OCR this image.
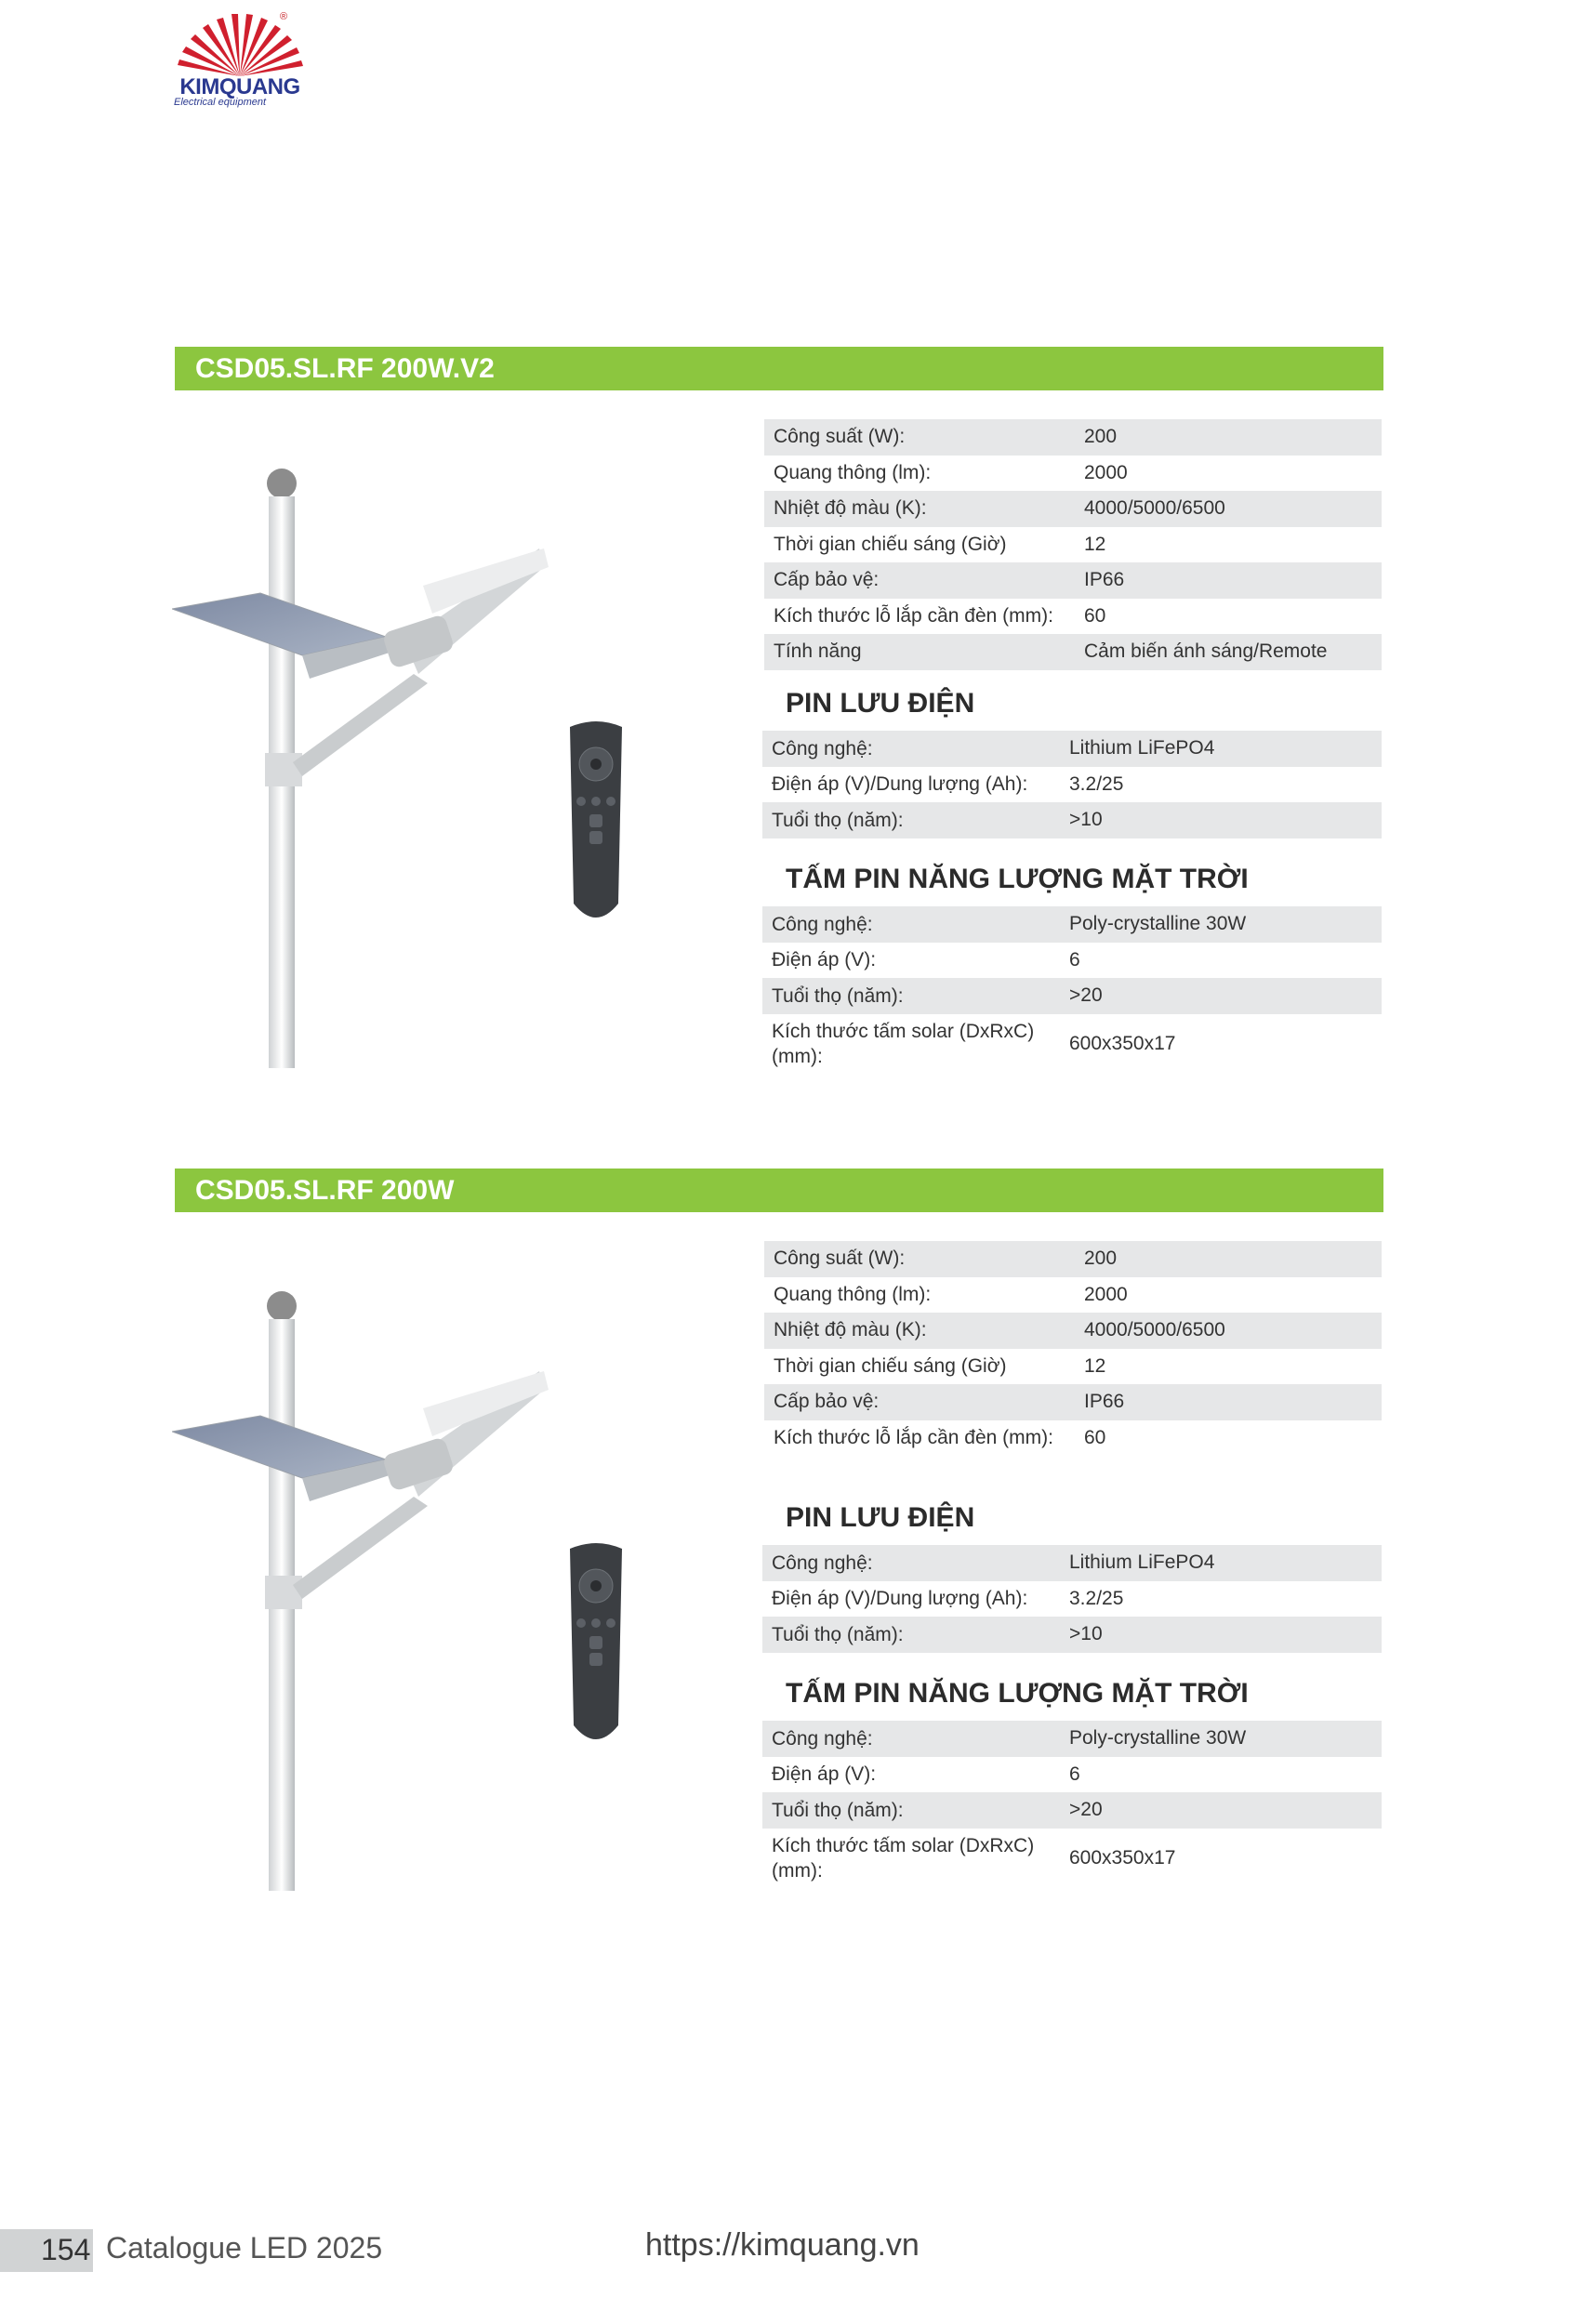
®
KIMQUANG
Electrical equipment
CSD05.SL.RF 200W.V2
Công suất (W):	200
Quang thông (lm):	2000
Nhiệt độ màu (K):	4000/5000/6500
Thời gian chiếu sáng (Giờ)	12
Cấp bảo vệ:	IP66
Kích thước lỗ lắp cần đèn (mm):	60
Tính năng	Cảm biến ánh sáng/Remote
PIN LƯU ĐIỆN
Công nghệ:	Lithium LiFePO4
Điện áp (V)/Dung lượng (Ah):	3.2/25
Tuổi thọ (năm):	>10
TẤM PIN NĂNG LƯỢNG MẶT TRỜI
Công nghệ:	Poly-crystalline 30W
Điện áp (V):	6
Tuổi thọ (năm):	>20
Kích thước tấm solar (DxRxC) (mm):
600x350x17
CSD05.SL.RF 200W
Công suất (W):	200
Quang thông (lm):	2000
Nhiệt độ màu (K):	4000/5000/6500
Thời gian chiếu sáng (Giờ)	12
Cấp bảo vệ:	IP66
Kích thước lỗ lắp cần đèn (mm):	60
PIN LƯU ĐIỆN
Công nghệ:	Lithium LiFePO4
Điện áp (V)/Dung lượng (Ah):	3.2/25
Tuổi thọ (năm):	>10
TẤM PIN NĂNG LƯỢNG MẶT TRỜI
Công nghệ:	Poly-crystalline 30W
Điện áp (V):	6
Tuổi thọ (năm):	>20
Kích thước tấm solar (DxRxC) (mm):
600x350x17
154 Catalogue LED 2025	https://kimquang.vn
